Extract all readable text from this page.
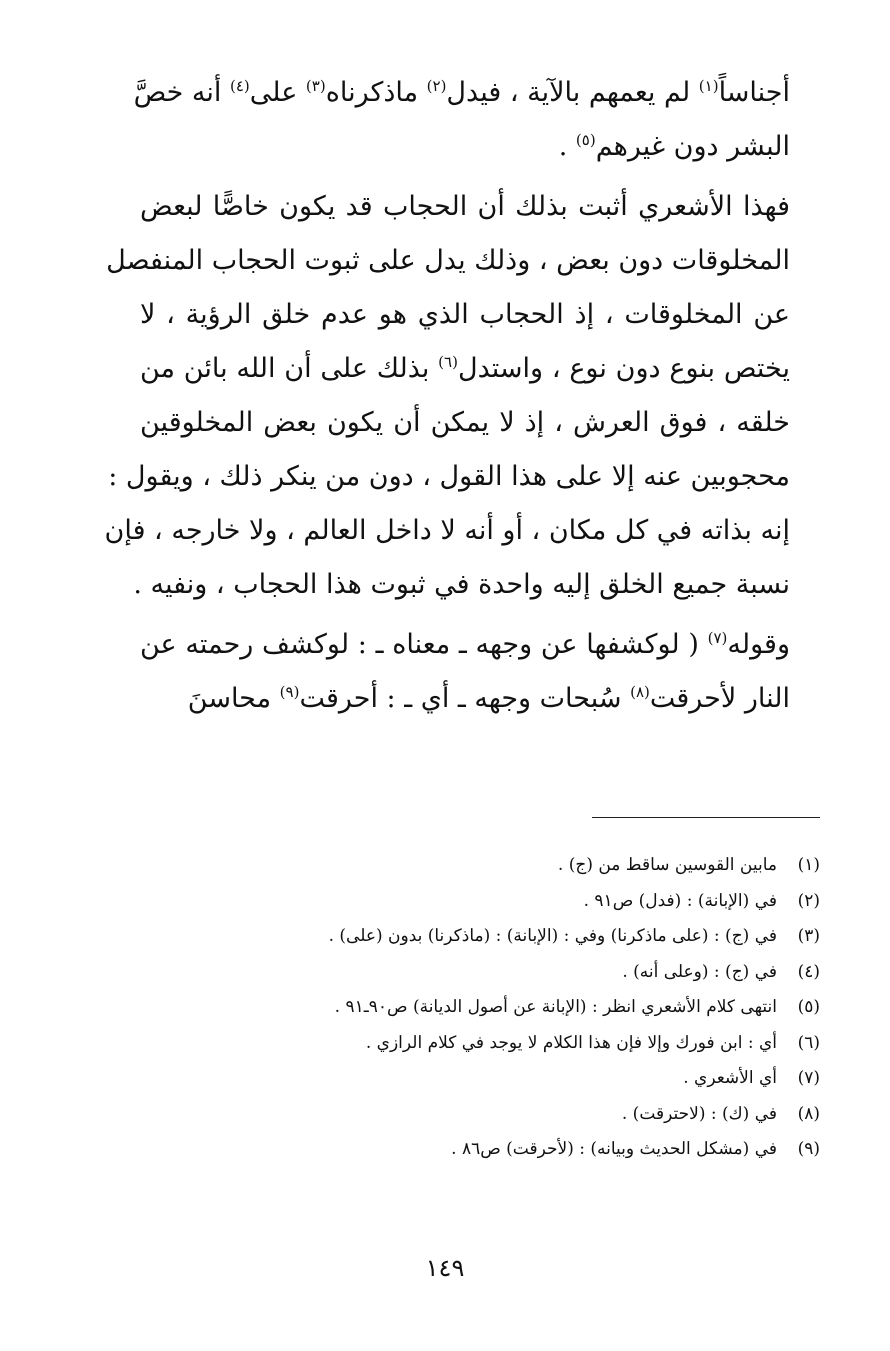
أجناساً$^{(١)}$ لم يعمهم بالآية ، فيدل$^{(٢)}$ ماذكرناه$^{(٣)}$ على$^{(٤)}$ أنه خصَّ
البشر دون غيرهم$^{(٥)}$ .

فهذا الأشعري أثبت بذلك أن الحجاب قد يكون خاصًّا لبعض
المخلوقات دون بعض ، وذلك يدل على ثبوت الحجاب المنفصل
عن المخلوقات ، إذ الحجاب الذي هو عدم خلق الرؤية ، لا
يختص بنوع دون نوع ، واستدل$^{(٦)}$ بذلك على أن الله بائن من
خلقه ، فوق العرش ، إذ لا يمكن أن يكون بعض المخلوقين
محجوبين عنه إلا على هذا القول ، دون من ينكر ذلك ، ويقول :
إنه بذاته في كل مكان ، أو أنه لا داخل العالم ، ولا خارجه ، فإن
نسبة جميع الخلق إليه واحدة في ثبوت هذا الحجاب ، ونفيه .

وقوله$^{(٧)}$ ( لوكشفها عن وجهه ـ معناه ـ : لوكشف رحمته عن
النار لأحرقت$^{(٨)}$ سُبحات وجهه ـ أي ـ : أحرقت$^{(٩)}$ محاسنَ

(١)
مابين القوسين ساقط من (ج) .
(٢)
في (الإبانة) : (فدل) ص٩١ .
(٣)
في (ج) : (على ماذكرنا) وفي : (الإبانة) : (ماذكرنا) بدون (على) .
(٤)
في (ج) : (وعلى أنه) .
(٥)
انتهى كلام الأشعري انظر : (الإبانة عن أصول الديانة) ص٩٠ـ٩١ .
(٦)
أي : ابن فورك وإلا فإن هذا الكلام لا يوجد في كلام الرازي .
(٧)
أي الأشعري .
(٨)
في (ك) : (لاحترقت) .
(٩)
في (مشكل الحديث وبيانه) : (لأحرقت) ص٨٦ .
١٤٩
